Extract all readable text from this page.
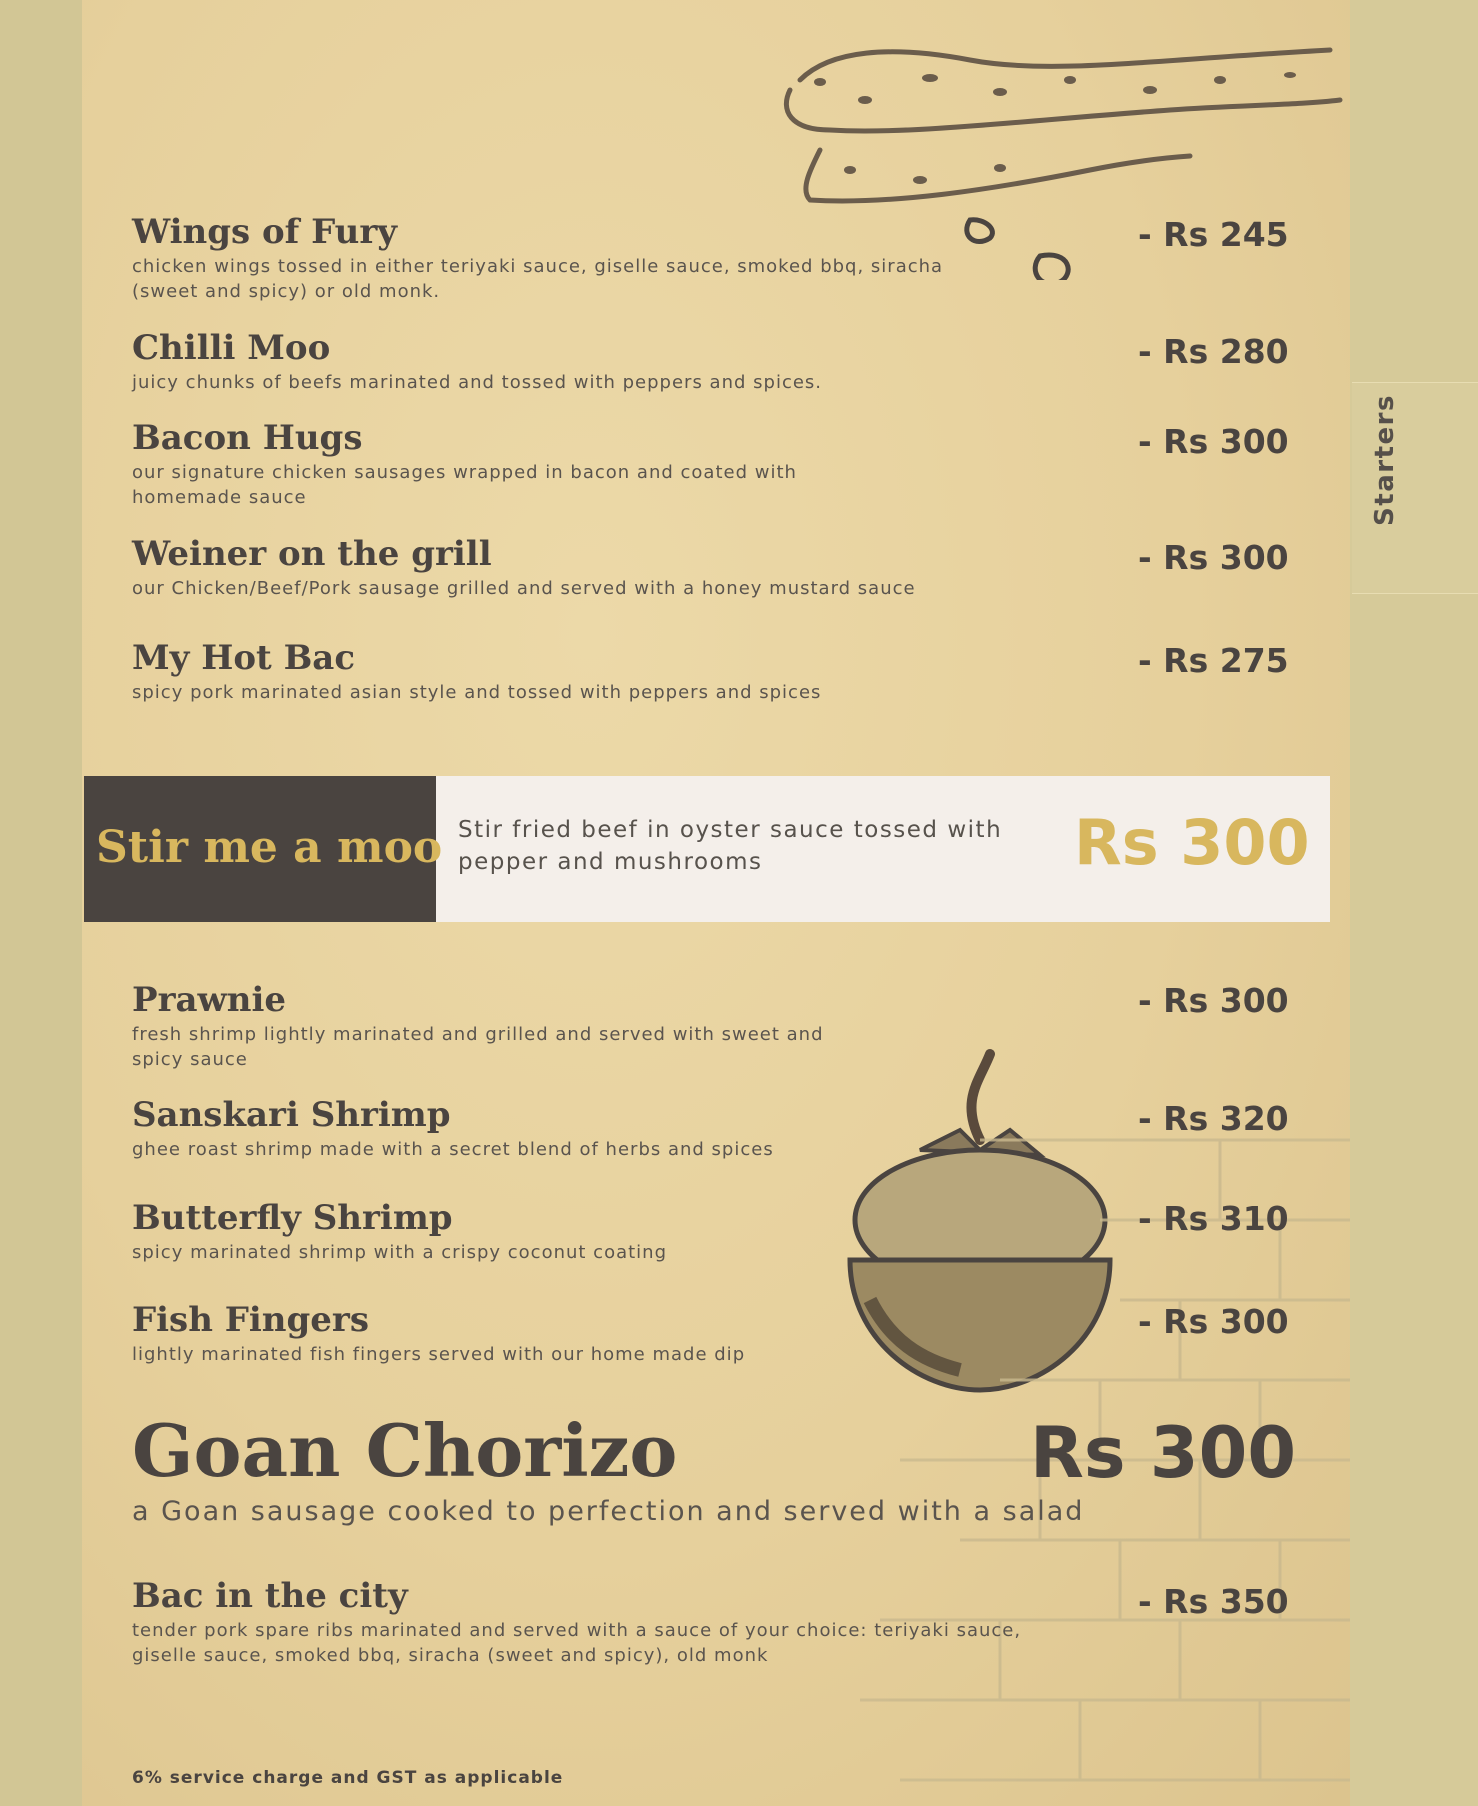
Starters
Wings of Fury
chicken wings tossed in either teriyaki sauce, giselle sauce, smoked bbq, siracha (sweet and spicy) or old monk.
- Rs 245
Chilli Moo
juicy chunks of beefs marinated and tossed with peppers and spices.
- Rs 280
Bacon Hugs
our signature chicken sausages wrapped in bacon and coated with homemade sauce
- Rs 300
Weiner on the grill
our Chicken/Beef/Pork sausage grilled and served with a honey mustard sauce
- Rs 300
My Hot Bac
spicy pork marinated asian style and tossed with peppers and spices
- Rs 275
Stir me a moo Stir fried beef in oyster sauce tossed with pepper and mushrooms	Rs 300
Prawnie
fresh shrimp lightly marinated and grilled and served with sweet and spicy sauce
- Rs 300
Sanskari Shrimp
ghee roast shrimp made with a secret blend of herbs and spices
- Rs 320
Butterfly Shrimp
spicy marinated shrimp with a crispy coconut coating
- Rs 310
Fish Fingers
lightly marinated fish fingers served with our home made dip
- Rs 300
Goan Chorizo	Rs 300
a Goan sausage cooked to perfection and served with a salad
Bac in the city
tender pork spare ribs marinated and served with a sauce of your choice: teriyaki sauce, giselle sauce, smoked bbq, siracha (sweet and spicy), old monk
- Rs 350
6% service charge and GST as applicable
